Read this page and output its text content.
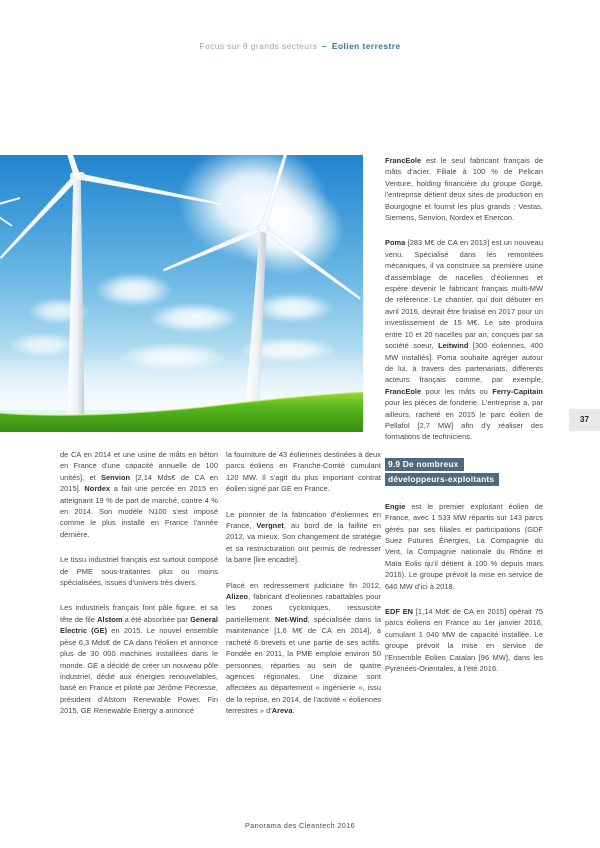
Focus sur 8 grands secteurs – Eolien terrestre

de CA en 2014 et une usine de mâts en béton en France d'une capacité annuelle de 100 unités], et Senvion [2,14 Mds€ de CA en 2015]. Nordex a fait une percée en 2015 en atteignant 19 % de part de marché, contre 4 % en 2014. Son modèle N100 s'est imposé comme le plus installé en France l'année dernière.

Le tissu industriel français est surtout composé de PME sous-traitantes plus ou moins spécialisées, issues d'univers très divers.

Les industriels français font pâle figure, et sa tête de file Alstom a été absorbée par General Electric (GE) en 2015. Le nouvel ensemble pèse 6,3 Mds€ de CA dans l'éolien et annonce plus de 30 000 machines installées dans le monde. GE a décidé de créer un nouveau pôle industriel, dédié aux énergies renouvelables, basé en France et piloté par Jérôme Pécresse, président d'Alstom Renewable Power. Fin 2015, GE Renewable Energy a annoncé

la fourniture de 43 éoliennes destinées à deux parcs éoliens en Franche-Comté cumulant 120 MW. Il s'agit du plus important contrat éolien signé par GE en France.

Le pionnier de la fabrication d'éoliennes en France, Vergnet, au bord de la faillite en 2012, va mieux. Son changement de stratégie et sa restructuration ont permis de redresser la barre [lire encadré].

Placé en redressement judiciaire fin 2012, Alizeo, fabricant d'éoliennes rabattables pour les zones cycloniques, ressuscite partiellement. Net-Wind, spécialisée dans la maintenance [1,6 M€ de CA en 2014], a racheté 6 brevets et une partie de ses actifs. Fondée en 2011, la PME emploie environ 50 personnes, réparties au sein de quatre agences régionales. Une dizaine sont affectées au département « ingénierie », issu de la reprise, en 2014, de l'activité « éoliennes terrestres » d'Areva.

FrancEole est le seul fabricant français de mâts d'acier. Filiale à 100 % de Pelican Venture, holding financière du groupe Gorgé, l'entreprise détient deux sites de production en Bourgogne et fournit les plus grands : Vestas, Siemens, Senvion, Nordex et Enercon.

Poma [283 M€ de CA en 2013] est un nouveau venu. Spécialisé dans les remontées mécaniques, il va construire sa première usine d'assemblage de nacelles d'éoliennes et espère devenir le fabricant français multi-MW de référence. Le chantier, qui doit débuter en avril 2016, devrait être finalisé en 2017 pour un investissement de 15 M€. Le site produira entre 10 et 20 nacelles par an, conçues par sa société soeur, Leitwind [300 éoliennes, 400 MW installés]. Poma souhaite agréger autour de lui, à travers des partenariats, différents acteurs français comme, par exemple, FrancEole pour les mâts ou Ferry-Capitain pour les pièces de fonderie. L'entreprise a, par ailleurs, racheté en 2015 le parc éolien de Pellafol [2,7 MW] afin d'y réaliser des formations de techniciens.

9.9 De nombreux
développeurs-exploitants

Engie est le premier exploitant éolien de France, avec 1 533 MW répartis sur 143 parcs gérés par ses filiales et participations (GDF Suez Futures Énergies, La Compagnie du Vent, la Compagnie nationale du Rhône et Maïa Eolis qu'il détient à 100 % depuis mars 2016). Le groupe prévoit la mise en service de 640 MW d'ici à 2018.

EDF EN [1,14 Md€ de CA en 2015] opérait 75 parcs éoliens en France au 1er janvier 2016, cumulant 1 040 MW de capacité installée. Le groupe prévoit la mise en service de l'Ensemble Eolien Catalan [96 MW], dans les Pyrénées-Orientales, à l'été 2016.

37
Panorama des Cleantech 2016
